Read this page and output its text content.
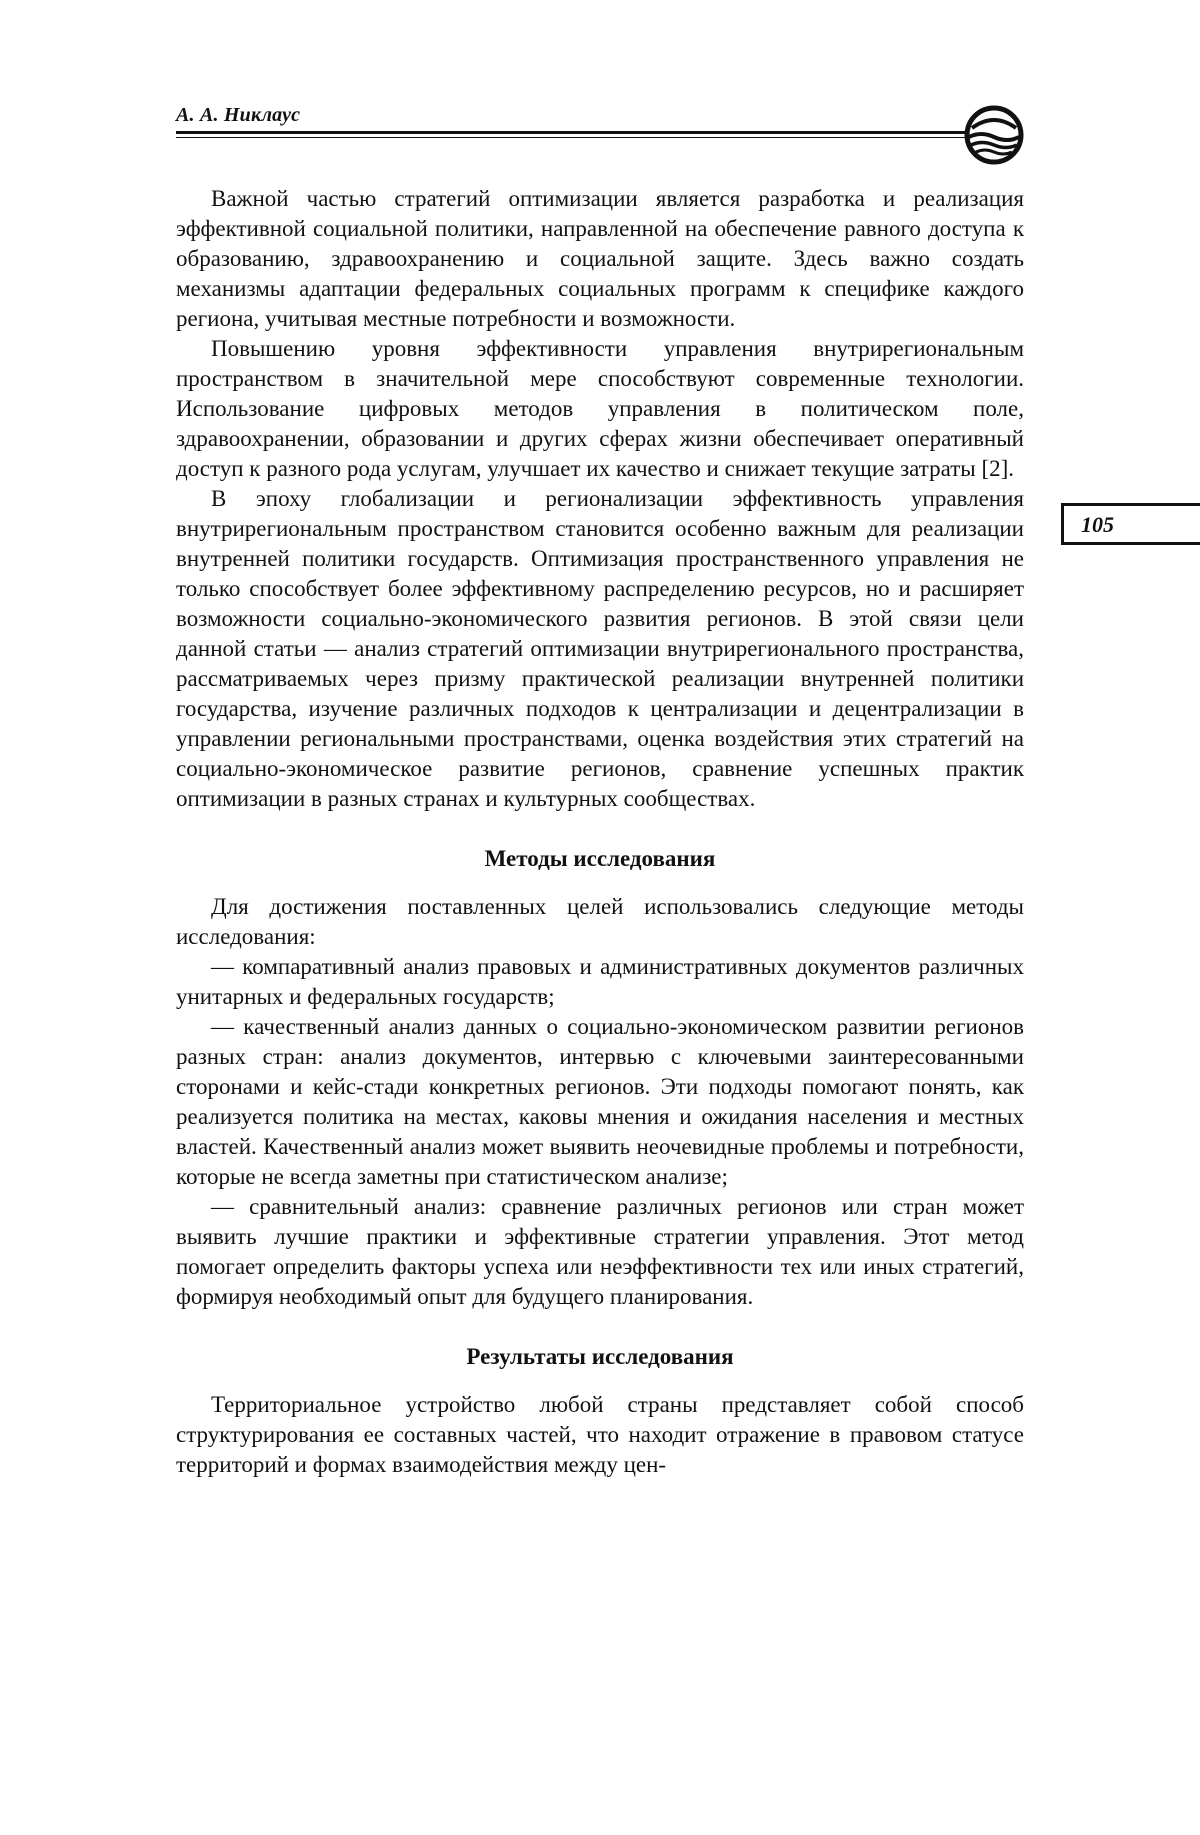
А. А. Никлаус
105

Важной частью стратегий оптимизации является разработка и реализация эффективной социальной политики, направленной на обеспечение равного доступа к образованию, здравоохранению и социальной защите. Здесь важно создать механизмы адаптации федеральных социальных программ к специфике каждого региона, учитывая местные потребности и возможности.

Повышению уровня эффективности управления внутрирегиональным пространством в значительной мере способствуют современные технологии. Использование цифровых методов управления в политическом поле, здравоохранении, образовании и других сферах жизни обеспечивает оперативный доступ к разного рода услугам, улучшает их качество и снижает текущие затраты [2].

В эпоху глобализации и регионализации эффективность управления внутрирегиональным пространством становится особенно важным для реализации внутренней политики государств. Оптимизация пространственного управления не только способствует более эффективному распределению ресурсов, но и расширяет возможности социально-экономического развития регионов. В этой связи цели данной статьи — анализ стратегий оптимизации внутрирегионального пространства, рассматриваемых через призму практической реализации внутренней политики государства, изучение различных подходов к централизации и децентрализации в управлении региональными пространствами, оценка воздействия этих стратегий на социально-экономическое развитие регионов, сравнение успешных практик оптимизации в разных странах и культурных сообществах.

Методы исследования

Для достижения поставленных целей использовались следующие методы исследования:

— компаративный анализ правовых и административных документов различных унитарных и федеральных государств;

— качественный анализ данных о социально-экономическом развитии регионов разных стран: анализ документов, интервью с ключевыми заинтересованными сторонами и кейс-стади конкретных регионов. Эти подходы помогают понять, как реализуется политика на местах, каковы мнения и ожидания населения и местных властей. Качественный анализ может выявить неочевидные проблемы и потребности, которые не всегда заметны при статистическом анализе;

— сравнительный анализ: сравнение различных регионов или стран может выявить лучшие практики и эффективные стратегии управления. Этот метод помогает определить факторы успеха или неэффективности тех или иных стратегий, формируя необходимый опыт для будущего планирования.

Результаты исследования

Территориальное устройство любой страны представляет собой способ структурирования ее составных частей, что находит отражение в правовом статусе территорий и формах взаимодействия между цен-
